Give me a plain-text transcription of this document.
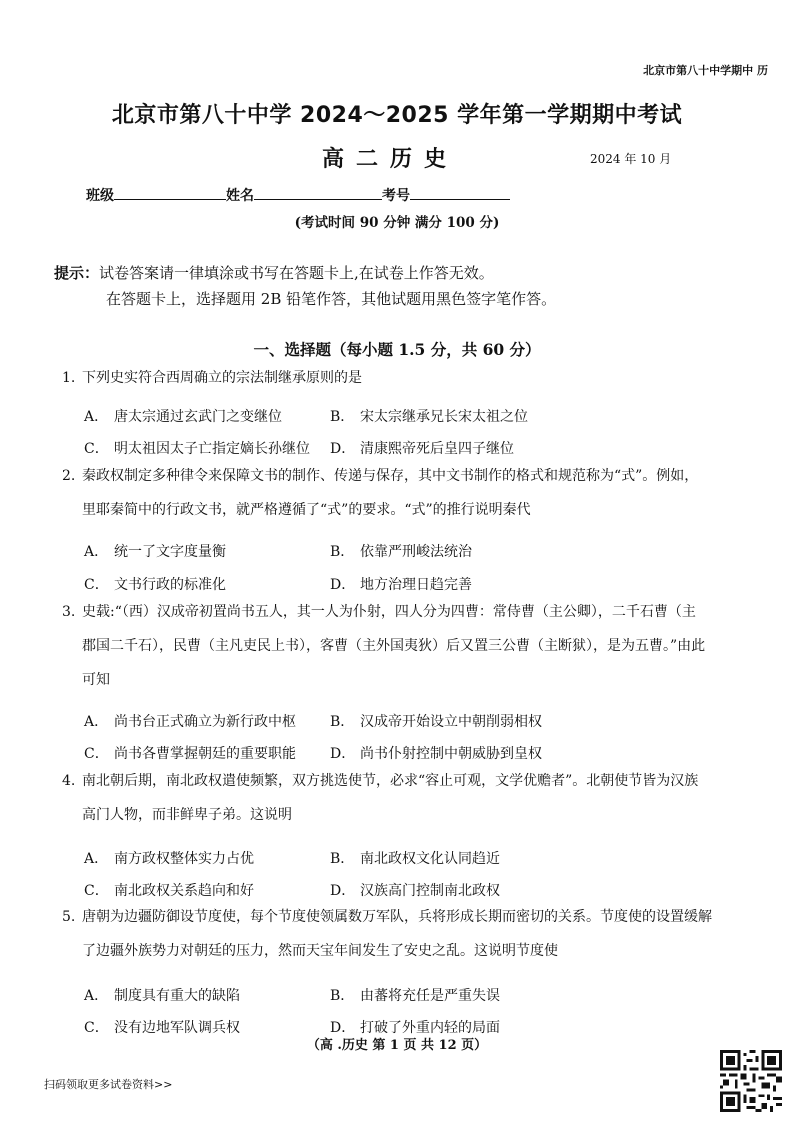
北京市第八十中学期中 历
北京市第八十中学 2024～2025 学年第一学期期中考试
高二历史	2024 年 10 月
班级	姓名	考号
(考试时间 90 分钟 满分 100 分)
提示：试卷答案请一律填涂或书写在答题卡上,在试卷上作答无效。
在答题卡上，选择题用 2B 铅笔作答，其他试题用黑色签字笔作答。
一、选择题（每小题 1.5 分，共 60 分）
1. 下列史实符合西周确立的宗法制继承原则的是
A． 唐太宗通过玄武门之变继位	B． 宋太宗继承兄长宋太祖之位
C． 明太祖因太子亡指定嫡长孙继位 D． 清康熙帝死后皇四子继位
2. 秦政权制定多种律令来保障文书的制作、传递与保存，其中文书制作的格式和规范称为“式”。例如，
里耶秦简中的行政文书，就严格遵循了“式”的要求。“式”的推行说明秦代
A． 统一了文字度量衡	B． 依靠严刑峻法统治
C． 文书行政的标准化	D． 地方治理日趋完善
3. 史载:“（西）汉成帝初置尚书五人，其一人为仆射，四人分为四曹：常侍曹（主公卿），二千石曹（主
郡国二千石），民曹（主凡吏民上书），客曹（主外国夷狄）后又置三公曹（主断狱），是为五曹。”由此
可知
A． 尚书台正式确立为新行政中枢 B． 汉成帝开始设立中朝削弱相权
C． 尚书各曹掌握朝廷的重要职能 D． 尚书仆射控制中朝威胁到皇权
4. 南北朝后期，南北政权遣使频繁，双方挑选使节，必求“容止可观，文学优赡者”。北朝使节皆为汉族
高门人物，而非鲜卑子弟。这说明
A． 南方政权整体实力占优	B． 南北政权文化认同趋近
C． 南北政权关系趋向和好	D． 汉族高门控制南北政权
5. 唐朝为边疆防御设节度使，每个节度使领属数万军队，兵将形成长期而密切的关系。节度使的设置缓解
了边疆外族势力对朝廷的压力，然而天宝年间发生了安史之乱。这说明节度使
A． 制度具有重大的缺陷	B． 由蕃将充任是严重失误
C． 没有边地军队调兵权	D． 打破了外重内轻的局面
（高 .历史 第 1 页 共 12 页）
扫码领取更多试卷资料>>
